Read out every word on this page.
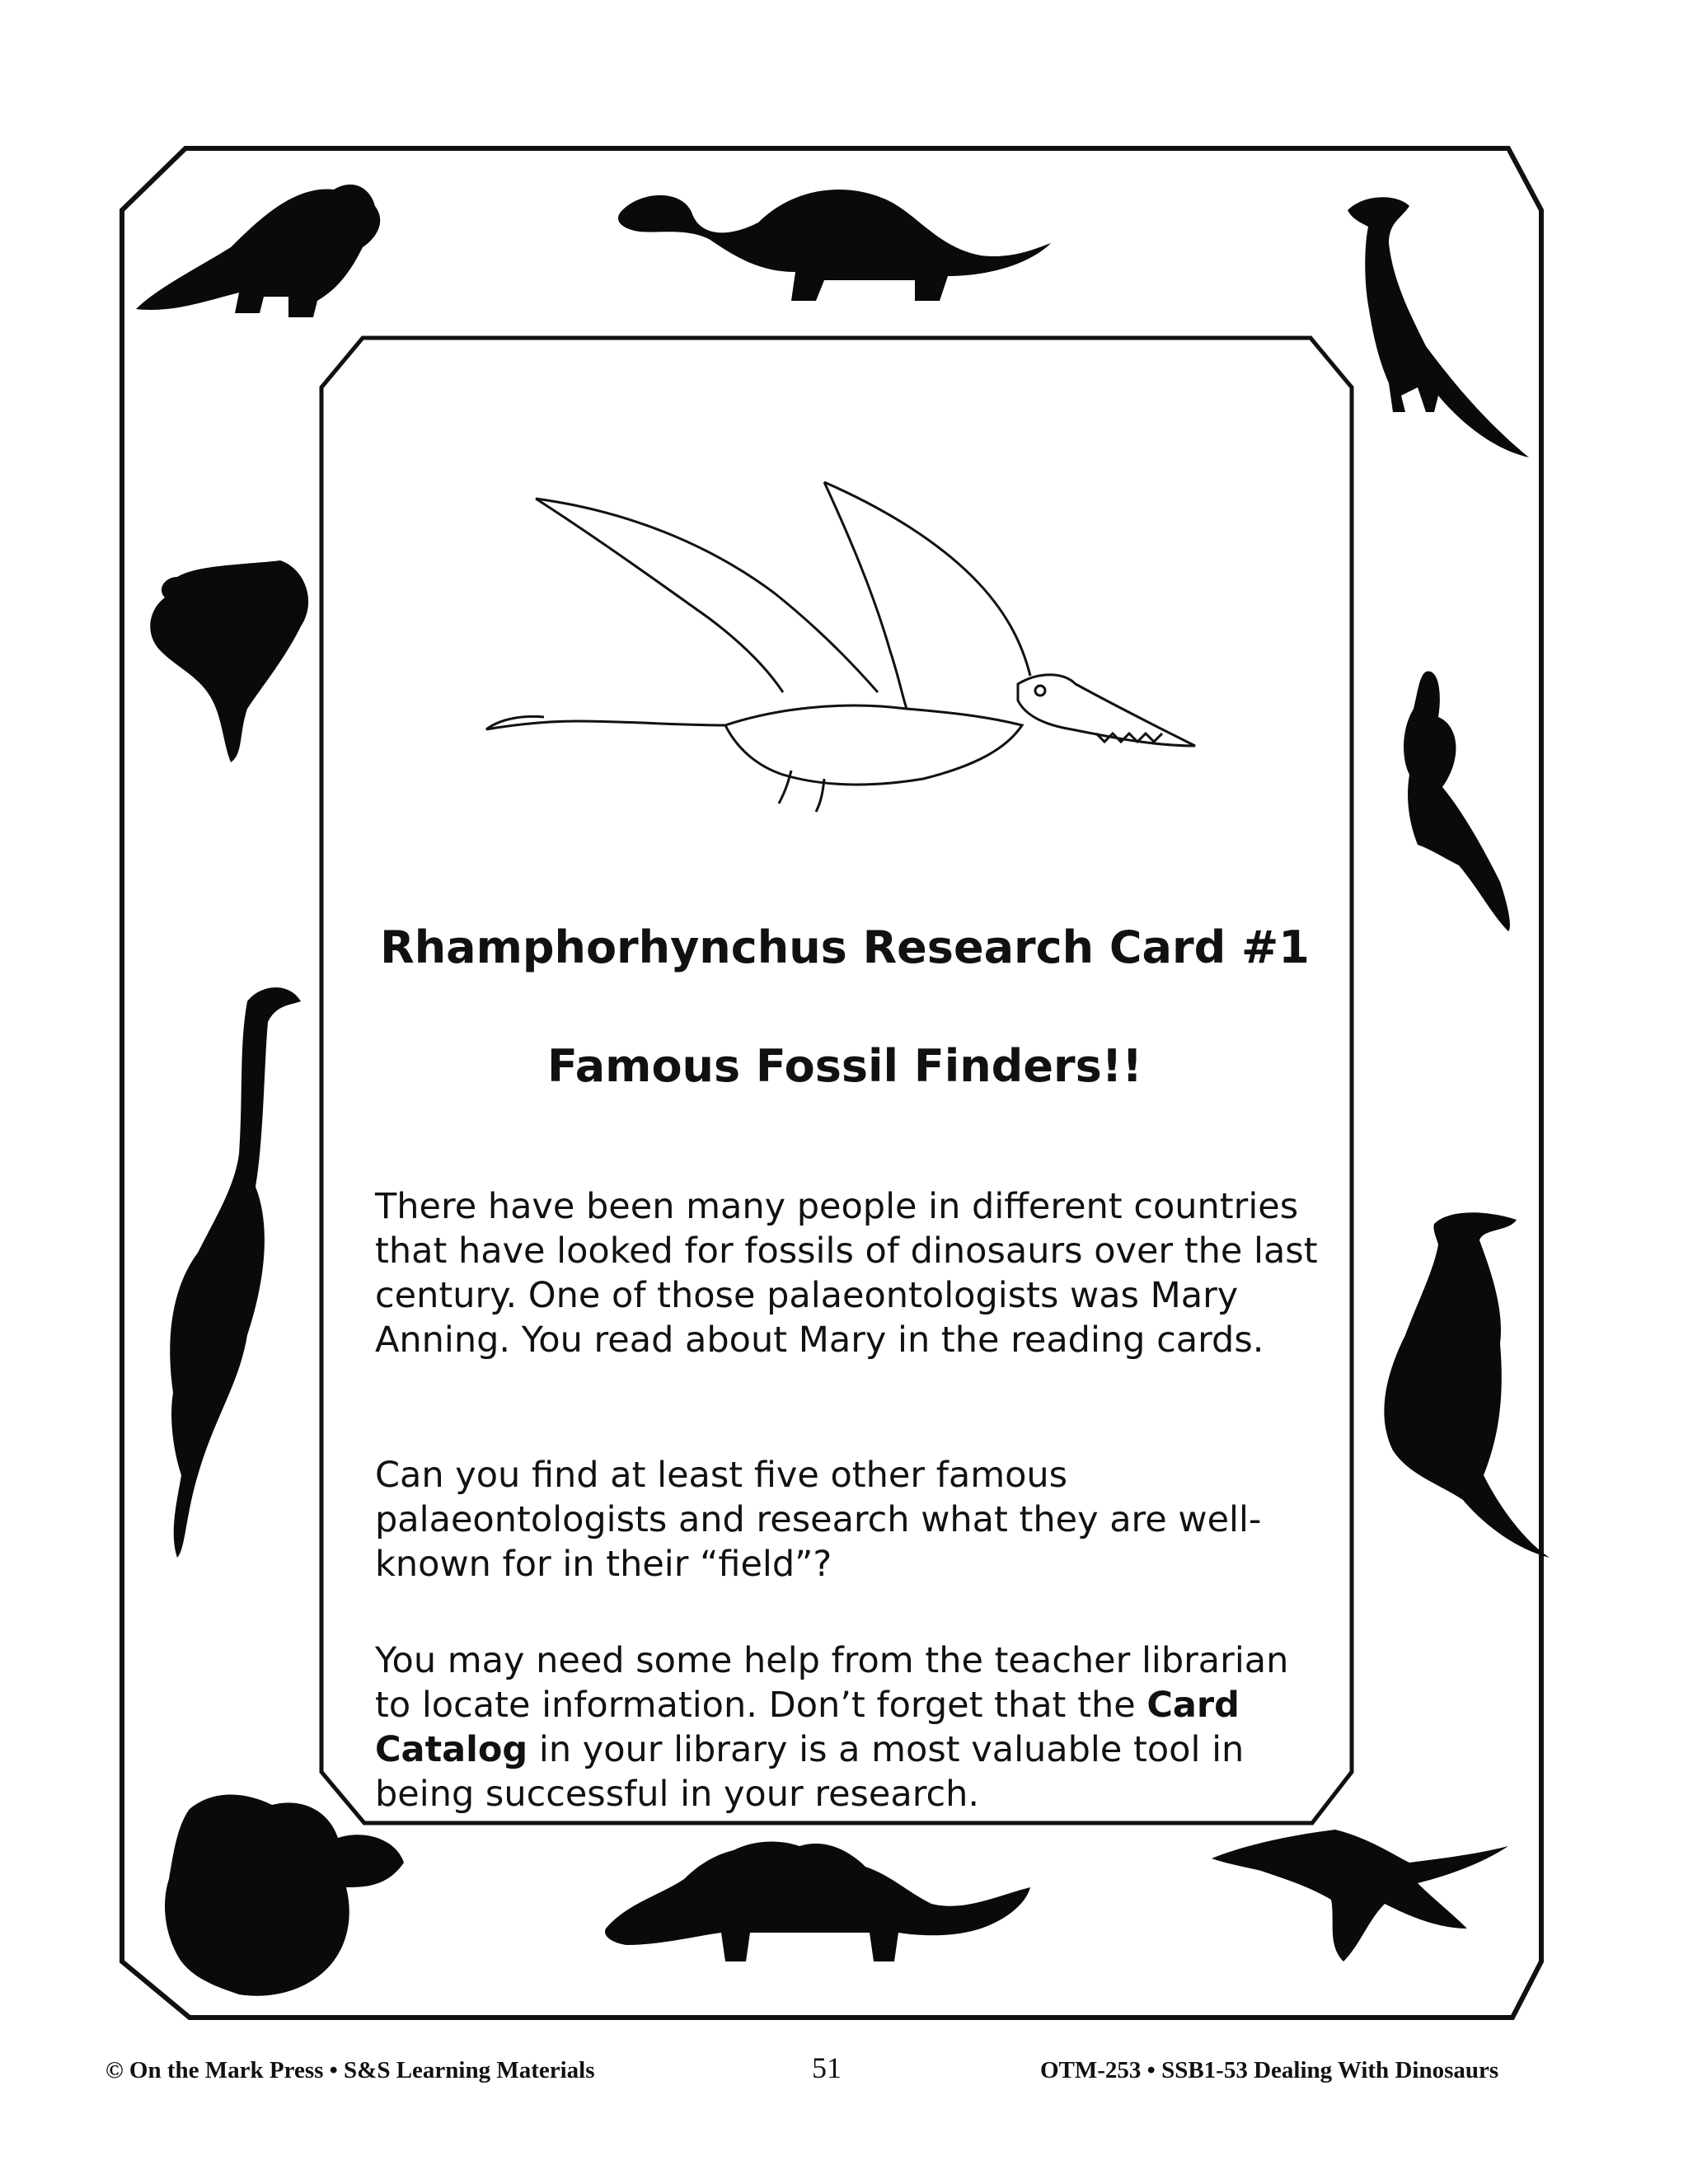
Rhamphorhynchus Research Card #1
Famous Fossil Finders!!
There have been many people in different countries that have looked for fossils of dinosaurs over the last century. One of those palaeontologists was Mary Anning. You read about Mary in the reading cards.
Can you find at least five other famous palaeontologists and research what they are well-known for in their “field”?
You may need some help from the teacher librarian to locate information. Don’t forget that the Card Catalog in your library is a most valuable tool in being successful in your research.
© On the Mark Press • S&S Learning Materials	51	OTM-253 • SSB1-53 Dealing With Dinosaurs
